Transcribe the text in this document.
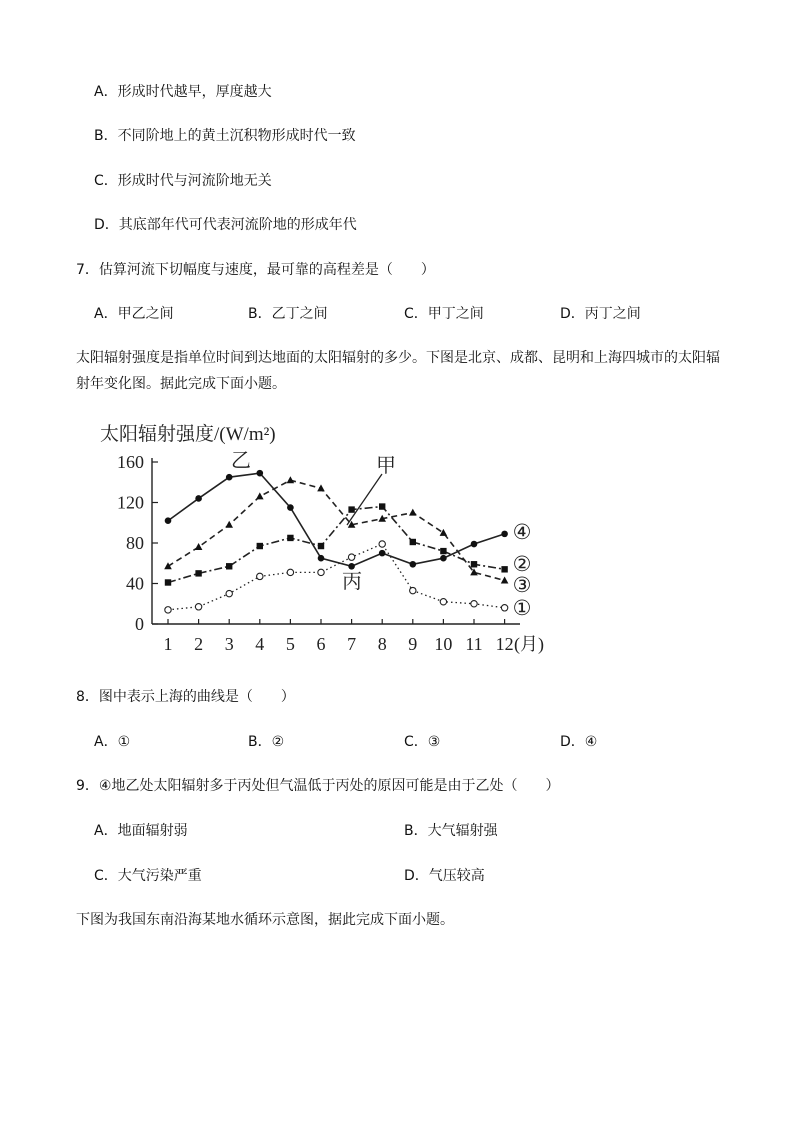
A．形成时代越早，厚度越大
B．不同阶地上的黄土沉积物形成时代一致
C．形成时代与河流阶地无关
D．其底部年代可代表河流阶地的形成年代
7．估算河流下切幅度与速度，最可靠的高程差是（　　）
A．甲乙之间	B．乙丁之间	C．甲丁之间	D．丙丁之间
太阳辐射强度是指单位时间到达地面的太阳辐射的多少。下图是北京、成都、昆明和上海四城市的太阳辐射年变化图。据此完成下面小题。
太阳辐射强度/(W/m²)
0
40
80
120
160
1 2 3 4 5 6 7 8 9 10 11 12
①
②
③
④
甲
乙
丙
(月)
8．图中表示上海的曲线是（　　）
A．①	B．②	C．③	D．④
9．④地乙处太阳辐射多于丙处但气温低于丙处的原因可能是由于乙处（　　）
A．地面辐射弱	B．大气辐射强
C．大气污染严重	D．气压较高
下图为我国东南沿海某地水循环示意图，据此完成下面小题。
